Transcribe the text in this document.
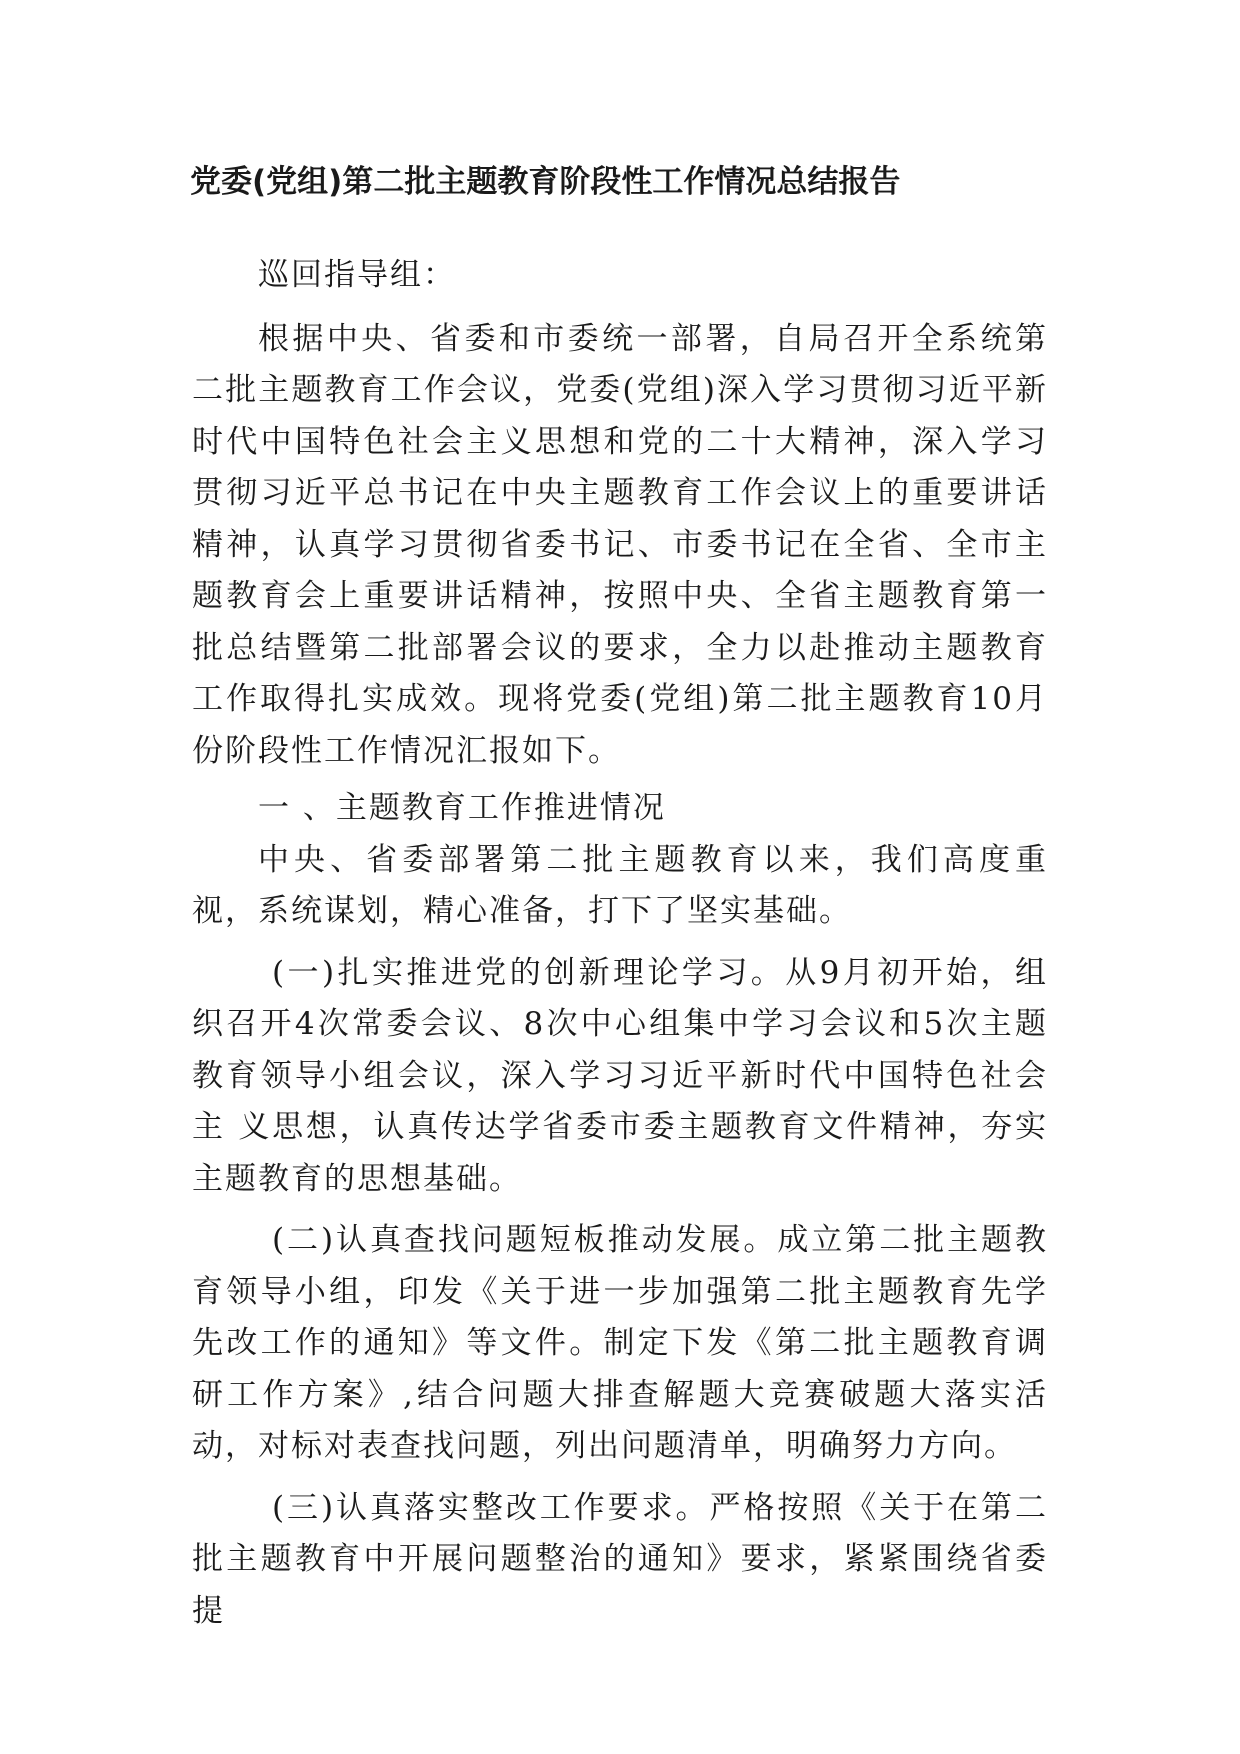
党委(党组)第二批主题教育阶段性工作情况总结报告

巡回指导组：

根据中央、省委和市委统一部署，自局召开全系统第二批主题教育工作会议，党委(党组)深入学习贯彻习近平新时代中国特色社会主义思想和党的二十大精神，深入学习贯彻习近平总书记在中央主题教育工作会议上的重要讲话精神，认真学习贯彻省委书记、市委书记在全省、全市主题教育会上重要讲话精神，按照中央、全省主题教育第一批总结暨第二批部署会议的要求，全力以赴推动主题教育工作取得扎实成效。现将党委(党组)第二批主题教育10月份阶段性工作情况汇报如下。

一 、主题教育工作推进情况

中央、省委部署第二批主题教育以来，我们高度重视，系统谋划，精心准备，打下了坚实基础。

(一)扎实推进党的创新理论学习。从9月初开始，组 织召开4次常委会议、8次中心组集中学习会议和5次主题 教育领导小组会议，深入学习习近平新时代中国特色社会主 义思想，认真传达学省委市委主题教育文件精神，夯实主题教育的思想基础。

(二)认真查找问题短板推动发展。成立第二批主题教育领导小组，印发《关于进一步加强第二批主题教育先学先改工作的通知》等文件。制定下发《第二批主题教育调研工作方案》,结合问题大排查解题大竞赛破题大落实活动，对标对表查找问题，列出问题清单，明确努力方向。

(三)认真落实整改工作要求。严格按照《关于在第二批主题教育中开展问题整治的通知》要求，紧紧围绕省委提
